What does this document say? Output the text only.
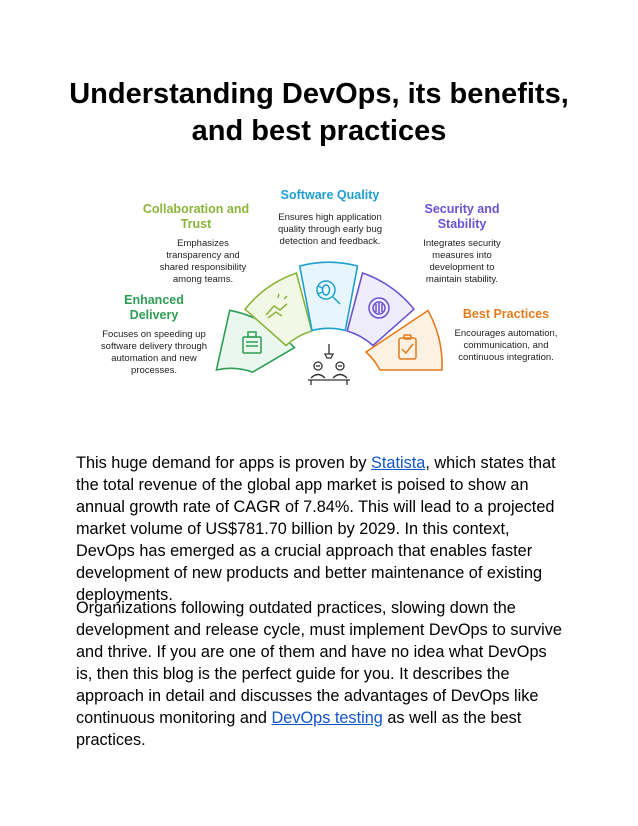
Understanding DevOps, its benefits, and best practices
Enhanced Delivery
Focuses on speeding up software delivery through automation and new processes.
Collaboration and Trust
Emphasizes transparency and shared responsibility among teams.
Software Quality
Ensures high application quality through early bug detection and feedback.
Security and Stability
Integrates security measures into development to maintain stability.
Best Practices
Encourages automation, communication, and continuous integration.

This huge demand for apps is proven by Statista, which states that the total revenue of the global app market is poised to show an annual growth rate of CAGR of 7.84%. This will lead to a projected market volume of US$781.70 billion by 2029. In this context, DevOps has emerged as a crucial approach that enables faster development of new products and better maintenance of existing deployments.

Organizations following outdated practices, slowing down the development and release cycle, must implement DevOps to survive and thrive. If you are one of them and have no idea what DevOps is, then this blog is the perfect guide for you. It describes the approach in detail and discusses the advantages of DevOps like continuous monitoring and DevOps testing as well as the best practices.
